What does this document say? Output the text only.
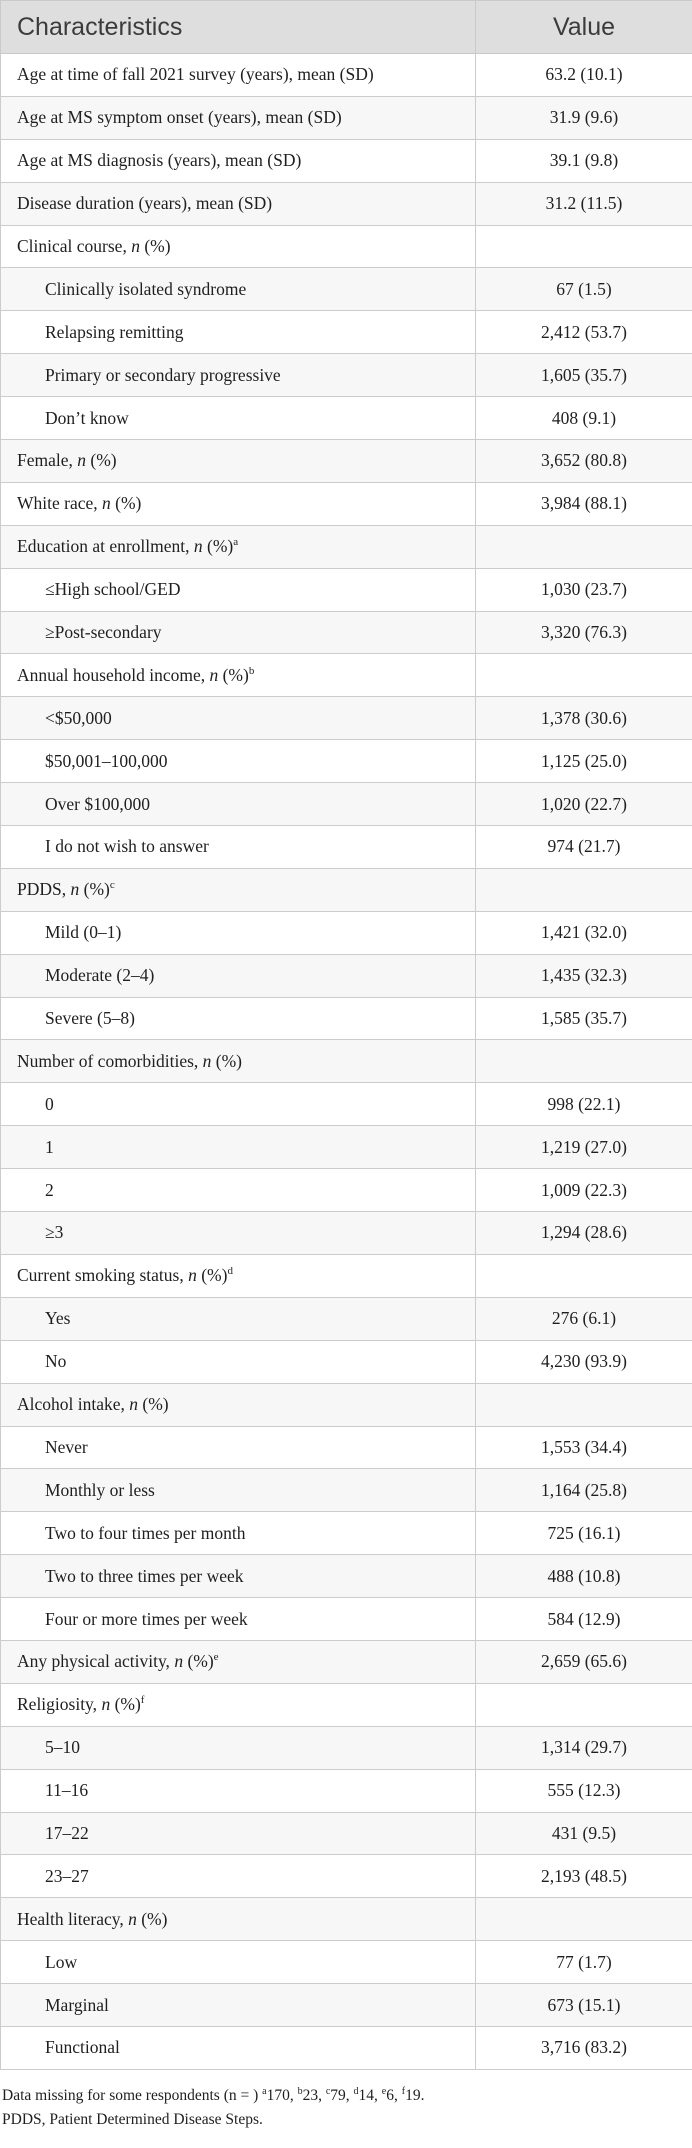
Characteristics	Value
Age at time of fall 2021 survey (years), mean (SD)	63.2 (10.1)
Age at MS symptom onset (years), mean (SD)	31.9 (9.6)
Age at MS diagnosis (years), mean (SD)	39.1 (9.8)
Disease duration (years), mean (SD)	31.2 (11.5)
Clinical course, n (%)	
Clinically isolated syndrome	67 (1.5)
Relapsing remitting	2,412 (53.7)
Primary or secondary progressive	1,605 (35.7)
Don’t know	408 (9.1)
Female, n (%)	3,652 (80.8)
White race, n (%)	3,984 (88.1)
Education at enrollment, n (%)$^a$	
≤High school/GED	1,030 (23.7)
≥Post-secondary	3,320 (76.3)
Annual household income, n (%)$^b$	
<$50,000	1,378 (30.6)
$50,001–100,000	1,125 (25.0)
Over $100,000	1,020 (22.7)
I do not wish to answer	974 (21.7)
PDDS, n (%)$^c$	
Mild (0–1)	1,421 (32.0)
Moderate (2–4)	1,435 (32.3)
Severe (5–8)	1,585 (35.7)
Number of comorbidities, n (%)	
0	998 (22.1)
1	1,219 (27.0)
2	1,009 (22.3)
≥3	1,294 (28.6)
Current smoking status, n (%)$^d$	
Yes	276 (6.1)
No	4,230 (93.9)
Alcohol intake, n (%)	
Never	1,553 (34.4)
Monthly or less	1,164 (25.8)
Two to four times per month	725 (16.1)
Two to three times per week	488 (10.8)
Four or more times per week	584 (12.9)
Any physical activity, n (%)$^e$	2,659 (65.6)
Religiosity, n (%)$^f$	
5–10	1,314 (29.7)
11–16	555 (12.3)
17–22	431 (9.5)
23–27	2,193 (48.5)
Health literacy, n (%)	
Low	77 (1.7)
Marginal	673 (15.1)
Functional	3,716 (83.2)
Data missing for some respondents (n = ) $^a$170, $^b$23, $^c$79, $^d$14, $^e$6, $^f$19.
PDDS, Patient Determined Disease Steps.
